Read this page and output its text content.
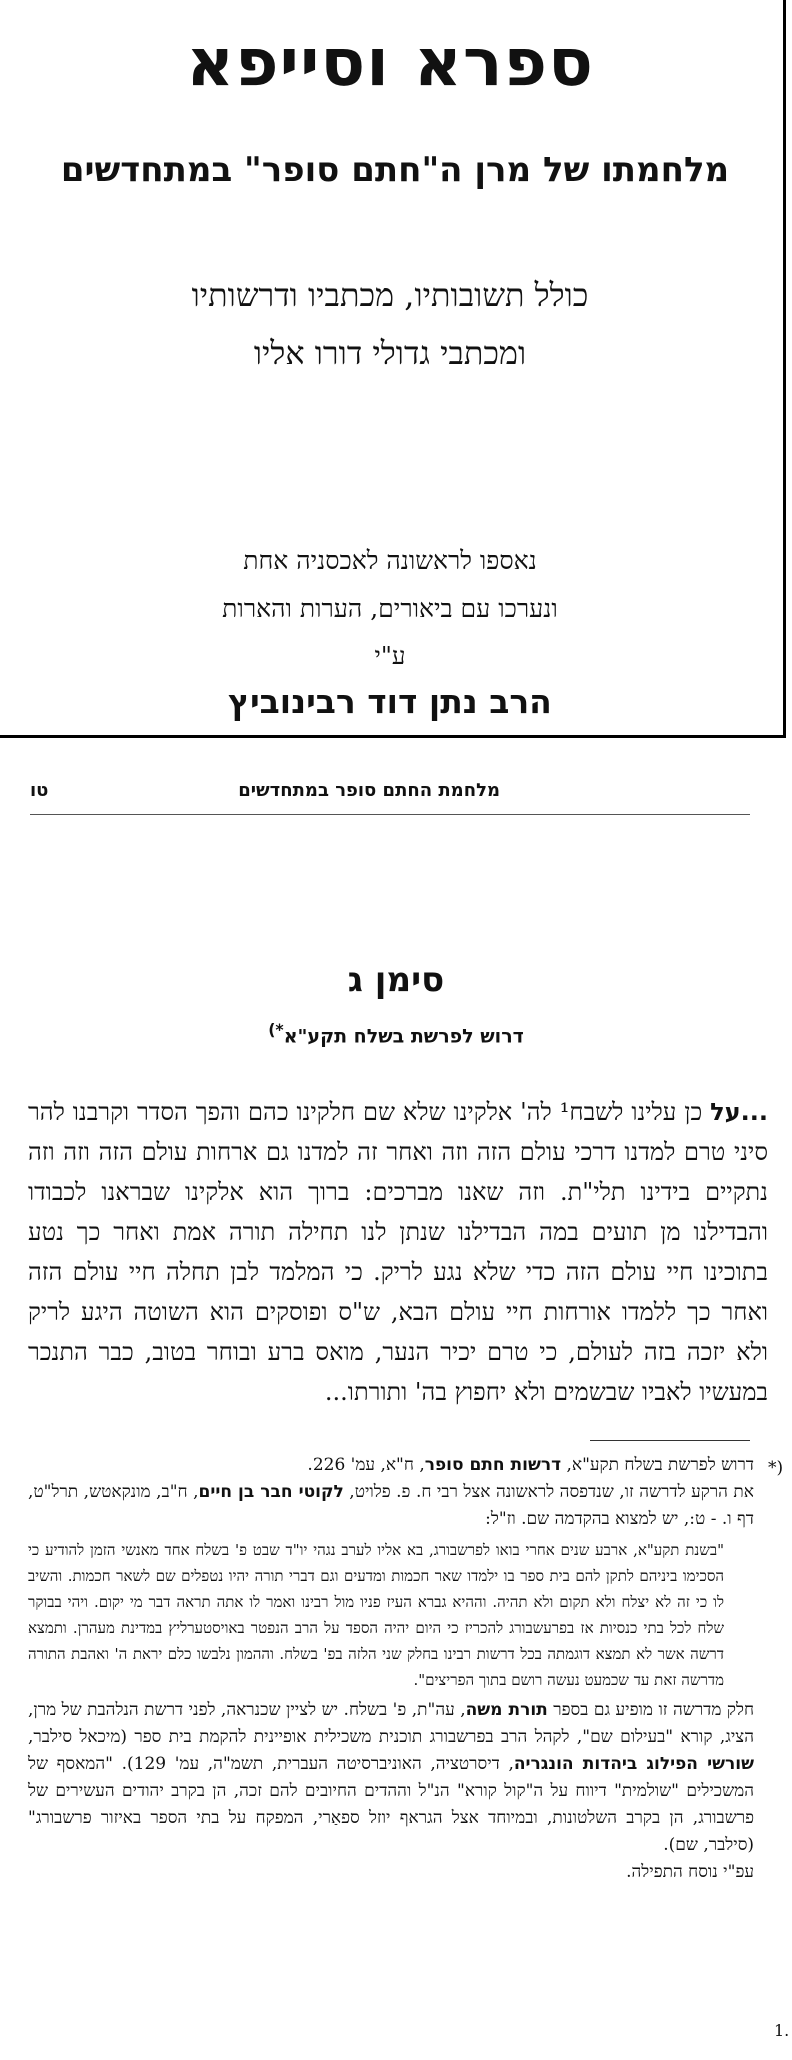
ספרא וסייפא
מלחמתו של מרן ה"חתם סופר" במתחדשים
כולל תשובותיו, מכתביו ודרשותיו
ומכתבי גדולי דורו אליו
נאספו לראשונה לאכסניה אחת
ונערכו עם ביאורים, הערות והארות
ע"י
הרב נתן דוד רבינוביץ
מלחמת החתם סופר במתחדשים
טו
סימן ג
דרוש לפרשת בשלח תקע"א*)
...על כן עלינו לשבח¹ לה' אלקינו שלא שם חלקינו כהם והפך הסדר וקרבנו להר סיני טרם למדנו דרכי עולם הזה וזה ואחר זה למדנו גם ארחות עולם הזה וזה וזה נתקיים בידינו תלי"ת. וזה שאנו מברכים: ברוך הוא אלקינו שבראנו לכבודו והבדילנו מן תועים במה הבדילנו שנתן לנו תחילה תורה אמת ואחר כך נטע בתוכינו חיי עולם הזה כדי שלא נגע לריק. כי המלמד לבן תחלה חיי עולם הזה ואחר כך ללמדו אורחות חיי עולם הבא, ש"ס ופוסקים הוא השוטה היגע לריק ולא יזכה בזה לעולם, כי טרם יכיר הנער, מואס ברע ובוחר בטוב, כבר התנכר במעשיו לאביו שבשמים ולא יחפוץ בה' ותורתו...
*)

דרוש לפרשת בשלח תקע"א, דרשות חתם סופר, ח"א, עמ' 226.

את הרקע לדרשה זו, שנדפסה לראשונה אצל רבי ח. פ. פלויט, לקוטי חבר בן חיים, ח"ב, מונקאטש, תרל"ט, דף ו. - ט:, יש למצוא בהקדמה שם. וז"ל:

"בשנת תקע"א, ארבע שנים אחרי בואו לפרשבורג, בא אליו לערב נגהי יו"ד שבט פ' בשלח אחד מאנשי הזמן להודיע כי הסכימו ביניהם לתקן להם בית ספר בו ילמדו שאר חכמות ומדעים וגם דברי תורה יהיו נטפלים שם לשאר חכמות. והשיב לו כי זה לא יצלח ולא תקום ולא תהיה. וההיא גברא העיז פניו מול רבינו ואמר לו אתה תראה דבר מי יקום. ויהי בבוקר שלח לכל בתי כנסיות אז בפרעשבורג להכריז כי היום יהיה הספד על הרב הנפטר באויסטערליץ במדינת מעהרן. ותמצא דרשה אשר לא תמצא דוגמתה בכל דרשות רבינו בחלק שני הלזה בפ' בשלח. וההמון נלבשו כלם יראת ה' ואהבת התורה מדרשה זאת עד שכמעט נעשה רושם בתוך הפריצים".

חלק מדרשה זו מופיע גם בספר תורת משה, עה"ת, פ' בשלח. יש לציין שכנראה, לפני דרשת הנלהבת של מרן, הציג, קורא "בעילום שם", לקהל הרב בפרשבורג תוכנית משכילית אופיינית להקמת בית ספר (מיכאל סילבר, שורשי הפילוג ביהדות הונגריה, דיסרטציה, האוניברסיטה העברית, תשמ"ה, עמ' 129). "המאסף של המשכילים "שולמית" דיווח על ה"קול קורא" הנ"ל וההדים החיובים להם זכה, הן בקרב יהודים העשירים של פרשבורג, הן בקרב השלטונות, ובמיוחד אצל הגראף יוזל ספאַרי, המפקח על בתי הספר באיזור פרשבורג" (סילבר, שם).

עפ"י נוסח התפילה.

1.
